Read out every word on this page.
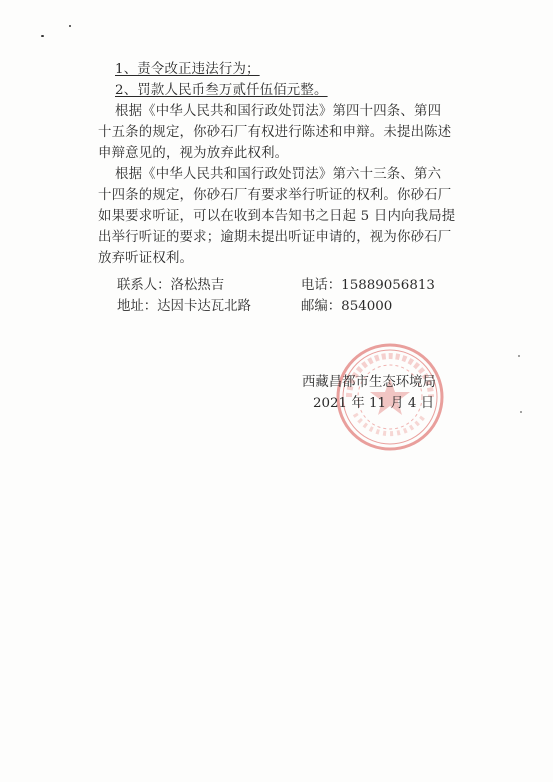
1、责令改正违法行为；
2、罚款人民币叁万贰仟伍佰元整。
根据《中华人民共和国行政处罚法》第四十四条、第四
十五条的规定，你砂石厂有权进行陈述和申辩。未提出陈述
申辩意见的，视为放弃此权利。
根据《中华人民共和国行政处罚法》第六十三条、第六
十四条的规定，你砂石厂有要求举行听证的权利。你砂石厂
如果要求听证，可以在收到本告知书之日起 5 日内向我局提
出举行听证的要求；逾期未提出听证申请的，视为你砂石厂
放弃听证权利。
联系人：洛松热吉	电话：15889056813
地址：达因卡达瓦北路	邮编：854000
西藏昌都市生态环境局
2021 年 11 月 4 日
